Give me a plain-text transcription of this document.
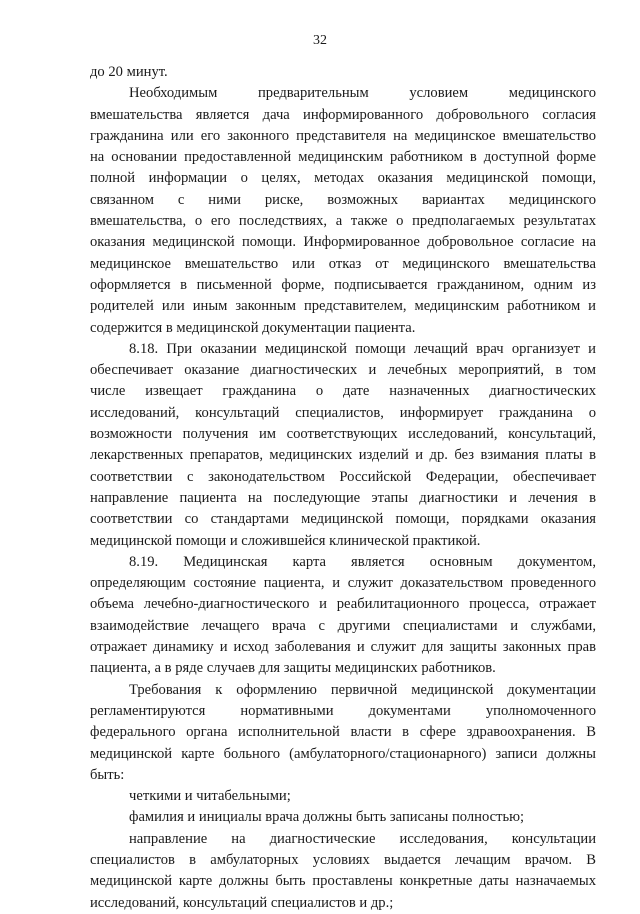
32
до 20 минут.
Необходимым предварительным условием медицинского
вмешательства является дача информированного добровольного согласия
гражданина или его законного представителя на медицинское вмешательство
на основании предоставленной медицинским работником в доступной форме
полной информации о целях, методах оказания медицинской помощи,
связанном с ними риске, возможных вариантах медицинского
вмешательства, о его последствиях, а также о предполагаемых результатах
оказания медицинской помощи. Информированное добровольное согласие на
медицинское вмешательство или отказ от медицинского вмешательства
оформляется в письменной форме, подписывается гражданином, одним из
родителей или иным законным представителем, медицинским работником и
содержится в медицинской документации пациента.
8.18. При оказании медицинской помощи лечащий врач организует и
обеспечивает оказание диагностических и лечебных мероприятий, в том
числе извещает гражданина о дате назначенных диагностических
исследований, консультаций специалистов, информирует гражданина о
возможности получения им соответствующих исследований, консультаций,
лекарственных препаратов, медицинских изделий и др. без взимания платы в
соответствии с законодательством Российской Федерации, обеспечивает
направление пациента на последующие этапы диагностики и лечения в
соответствии со стандартами медицинской помощи, порядками оказания
медицинской помощи и сложившейся клинической практикой.
8.19. Медицинская карта является основным документом,
определяющим состояние пациента, и служит доказательством проведенного
объема лечебно-диагностического и реабилитационного процесса, отражает
взаимодействие лечащего врача с другими специалистами и службами,
отражает динамику и исход заболевания и служит для защиты законных прав
пациента, а в ряде случаев для защиты медицинских работников.
Требования к оформлению первичной медицинской документации
регламентируются нормативными документами уполномоченного
федерального органа исполнительной власти в сфере здравоохранения. В
медицинской карте больного (амбулаторного/стационарного) записи должны
быть:
четкими и читабельными;
фамилия и инициалы врача должны быть записаны полностью;
направление на диагностические исследования, консультации
специалистов в амбулаторных условиях выдается лечащим врачом. В
медицинской карте должны быть проставлены конкретные даты назначаемых
исследований, консультаций специалистов и др.;
